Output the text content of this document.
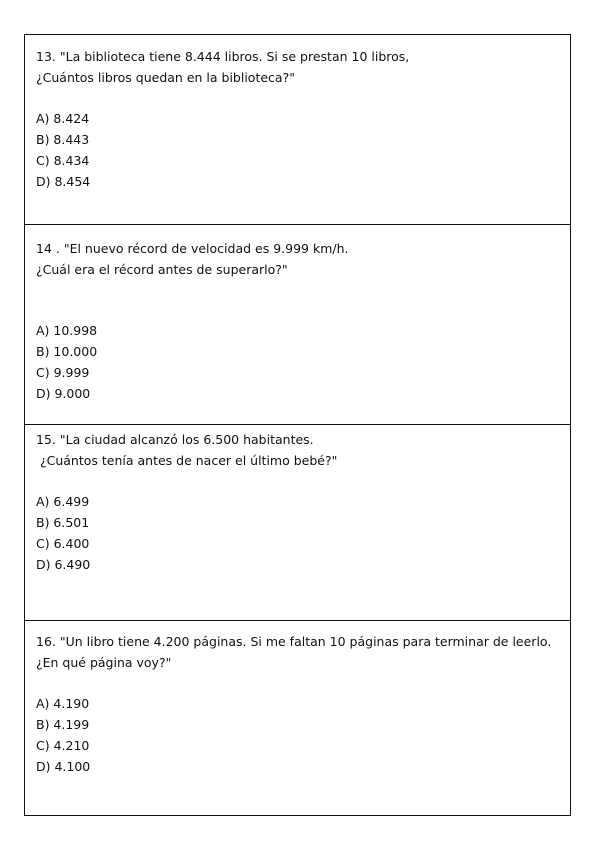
13. "La biblioteca tiene 8.444 libros. Si se prestan 10 libros,
¿Cuántos libros quedan en la biblioteca?"
A) 8.424
B) 8.443
C) 8.434
D) 8.454
14 . "El nuevo récord de velocidad es 9.999 km/h.
¿Cuál era el récord antes de superarlo?"
A) 10.998
B) 10.000
C) 9.999
D) 9.000
15. "La ciudad alcanzó los 6.500 habitantes.
¿Cuántos tenía antes de nacer el último bebé?"
A) 6.499
B) 6.501
C) 6.400
D) 6.490
16. "Un libro tiene 4.200 páginas. Si me faltan 10 páginas para terminar de leerlo.
¿En qué página voy?"
A) 4.190
B) 4.199
C) 4.210
D) 4.100
